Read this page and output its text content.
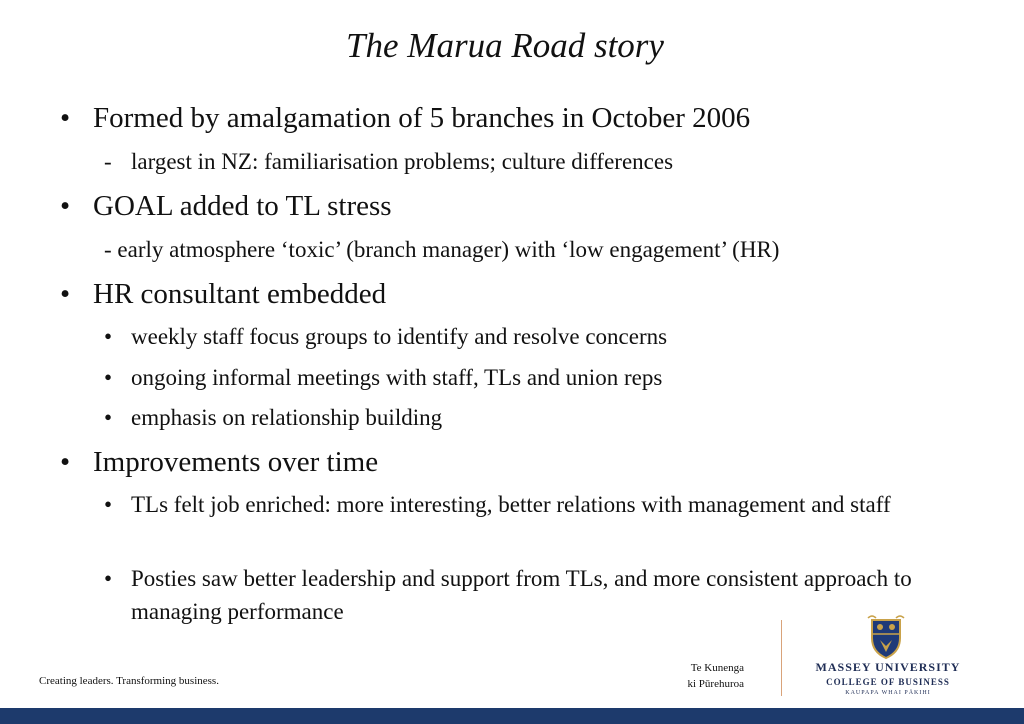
The Marua Road story
• Formed by amalgamation of 5 branches in October 2006
- largest in NZ: familiarisation problems; culture differences
• GOAL added to TL stress
- early atmosphere ‘toxic’ (branch manager) with ‘low engagement’ (HR)
• HR consultant embedded
• weekly staff focus groups to identify and resolve concerns
• ongoing informal meetings with staff, TLs and union reps
• emphasis on relationship building
• Improvements over time
• TLs felt job enriched: more interesting, better relations with management and staff
• Posties saw better leadership and support from TLs, and more consistent approach to managing performance
Creating leaders. Transforming business.
Te Kunenga
ki Pūrehuroa
MASSEY UNIVERSITY
COLLEGE OF BUSINESS
KAUPAPA WHAI PĀKIHI
